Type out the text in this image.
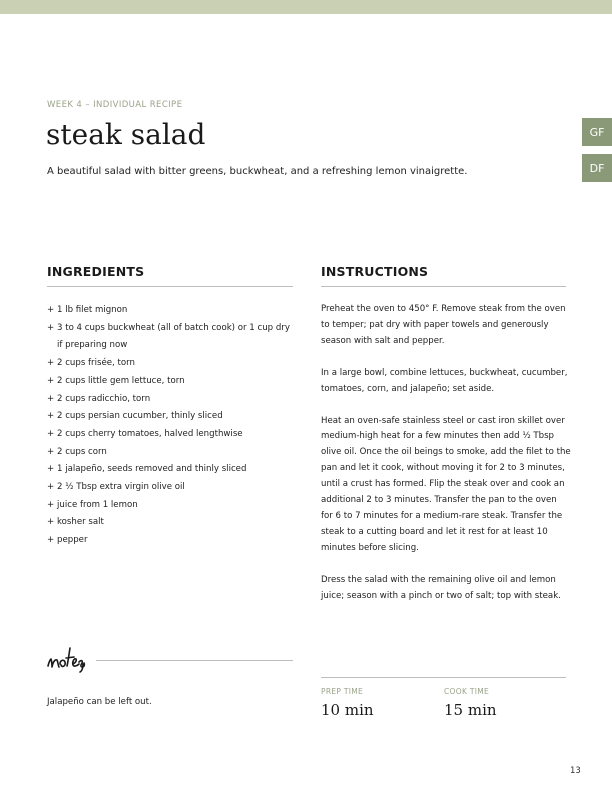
WEEK 4 – INDIVIDUAL RECIPE
steak salad
A beautiful salad with bitter greens, buckwheat, and a refreshing lemon vinaigrette.
GF
DF
INGREDIENTS
+ 1 lb filet mignon
+ 3 to 4 cups buckwheat (all of batch cook) or 1 cup dry if preparing now
+ 2 cups frisée, torn
+ 2 cups little gem lettuce, torn
+ 2 cups radicchio, torn
+ 2 cups persian cucumber, thinly sliced
+ 2 cups cherry tomatoes, halved lengthwise
+ 2 cups corn
+ 1 jalapeño, seeds removed and thinly sliced
+ 2 ½ Tbsp extra virgin olive oil
+ juice from 1 lemon
+ kosher salt
+ pepper
INSTRUCTIONS

Preheat the oven to 450° F. Remove steak from the oven to temper; pat dry with paper towels and generously season with salt and pepper.

In a large bowl, combine lettuces, buckwheat, cucumber, tomatoes, corn, and jalapeño; set aside.

Heat an oven-safe stainless steel or cast iron skillet over medium-high heat for a few minutes then add ½ Tbsp olive oil. Once the oil beings to smoke, add the filet to the pan and let it cook, without moving it for 2 to 3 minutes, until a crust has formed. Flip the steak over and cook an additional 2 to 3 minutes. Transfer the pan to the oven for 6 to 7 minutes for a medium-rare steak. Transfer the steak to a cutting board and let it rest for at least 10 minutes before slicing.

Dress the salad with the remaining olive oil and lemon juice; season with a pinch or two of salt; top with steak.

Jalapeño can be left out.
PREP TIME
10 min
COOK TIME
15 min
13
